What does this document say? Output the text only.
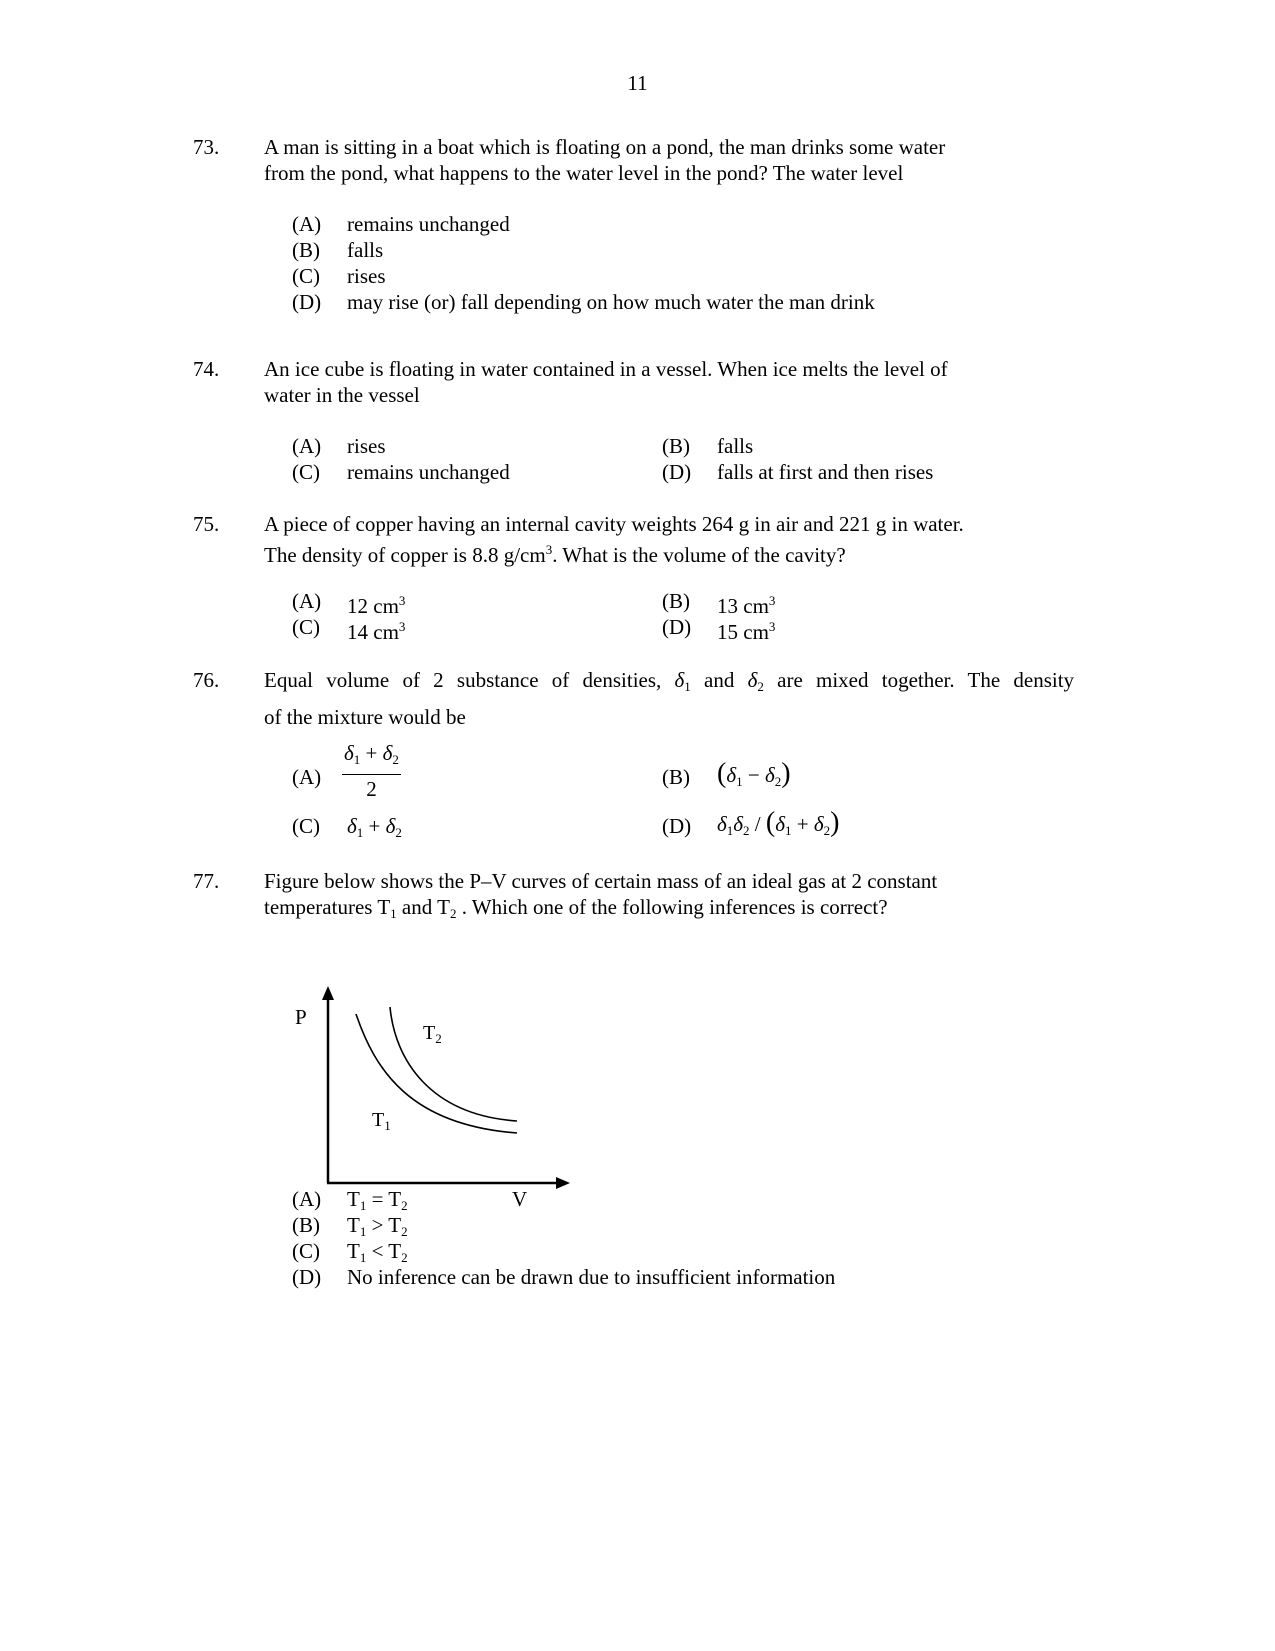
11
73. A man is sitting in a boat which is floating on a pond, the man drinks some water
from the pond, what happens to the water level in the pond? The water level
(A) remains unchanged
(B) falls
(C) rises
(D) may rise (or) fall depending on how much water the man drink
74. An ice cube is floating in water contained in a vessel. When ice melts the level of
water in the vessel
(A) rises	(B) falls
(C) remains unchanged	(D) falls at first and then rises
75. A piece of copper having an internal cavity weights 264 g in air and 221 g in water.
The density of copper is 8.8 $g/cm^3$. What is the volume of the cavity?
(A) 12 $cm^3$	(B) 13 $cm^3$
(C) 14 $cm^3$	(D) 15 $cm^3$
76. Equal volume of 2 substance of densities, $\delta_1$ and $\delta_2$ are mixed together. The density
of the mixture would be
$(A) \frac{\delta_1 + \delta_2}{2}$	(B) $(\delta_1 - \delta_2)$
(C) $\delta_1 + \delta_2$	(D) $\delta_1\delta_2 / (\delta_1 + \delta_2)$
77. Figure below shows the P–V curves of certain mass of an ideal gas at 2 constant
temperatures $T_1$ and $T_2$ . Which one of the following inferences is correct?
P
V
$T_1$
$T_2$
(A) $T_1 = T_2$
(B) $T_1 > T_2$
(C) $T_1 < T_2$
(D) No inference can be drawn due to insufficient information
